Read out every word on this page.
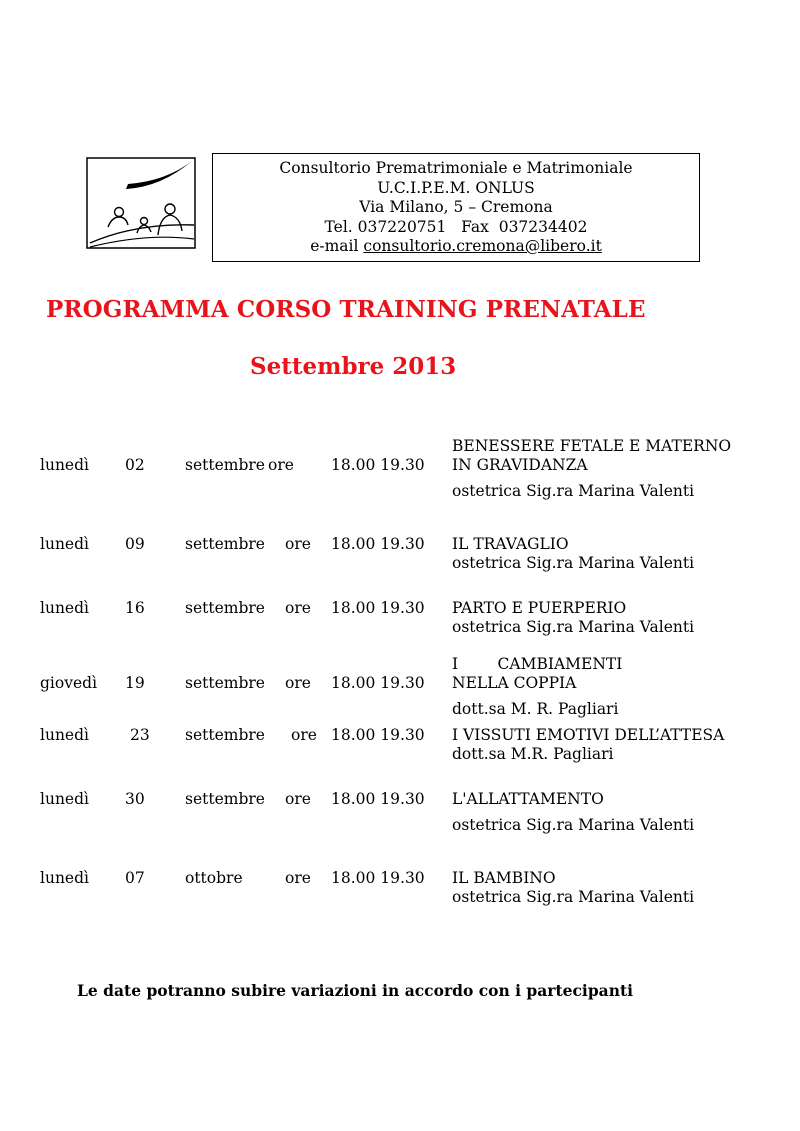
Consultorio Prematrimoniale e Matrimoniale
U.C.I.P.E.M. ONLUS
Via Milano, 5 – Cremona
Tel. 037220751   Fax  037234402
e-mail consultorio.cremona@libero.it
PROGRAMMA CORSO TRAINING PRENATALE
Settembre 2013
lunedì 02	settembre ore 18.00 19.30
BENESSERE FETALE E MATERNO
IN GRAVIDANZA
ostetrica Sig.ra Marina Valenti
lunedì 09	settembre ore 18.00 19.30 IL TRAVAGLIO
ostetrica Sig.ra Marina Valenti
lunedì 16	settembre ore 18.00 19.30 PARTO E PUERPERIO
ostetrica Sig.ra Marina Valenti
giovedì 19	settembre ore 18.00 19.30
I        CAMBIAMENTI
NELLA COPPIA
dott.sa M. R. Pagliari
lunedì	23 settembre ore 18.00 19.30 I VISSUTI EMOTIVI DELL’ATTESA
dott.sa M.R. Pagliari
lunedì 30	settembre ore 18.00 19.30 L'ALLATTAMENTO
ostetrica Sig.ra Marina Valenti
lunedì 07	ottobre	ore 18.00 19.30 IL BAMBINO
ostetrica Sig.ra Marina Valenti
Le date potranno subire variazioni in accordo con i partecipanti
